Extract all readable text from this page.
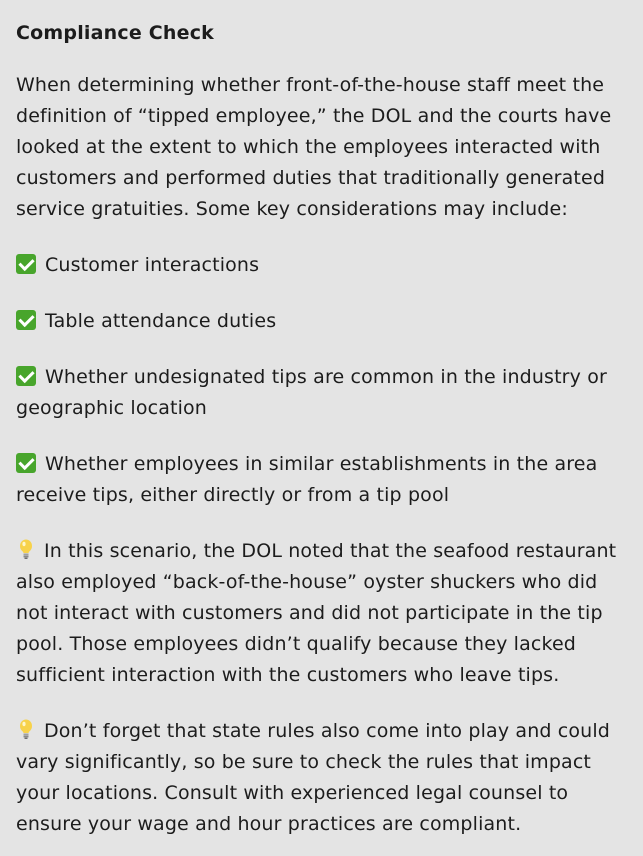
Compliance Check

When determining whether front-of-the-house staff meet the definition of “tipped employee,” the DOL and the courts have looked at the extent to which the employees interacted with customers and performed duties that traditionally generated service gratuities. Some key considerations may include:

Customer interactions

Table attendance duties

Whether undesignated tips are common in the industry or geographic location

Whether employees in similar establishments in the area receive tips, either directly or from a tip pool

In this scenario, the DOL noted that the seafood restaurant also employed “back-of-the-house” oyster shuckers who did not interact with customers and did not participate in the tip pool. Those employees didn’t qualify because they lacked sufficient interaction with the customers who leave tips.

Don’t forget that state rules also come into play and could vary significantly, so be sure to check the rules that impact your locations. Consult with experienced legal counsel to ensure your wage and hour practices are compliant.
